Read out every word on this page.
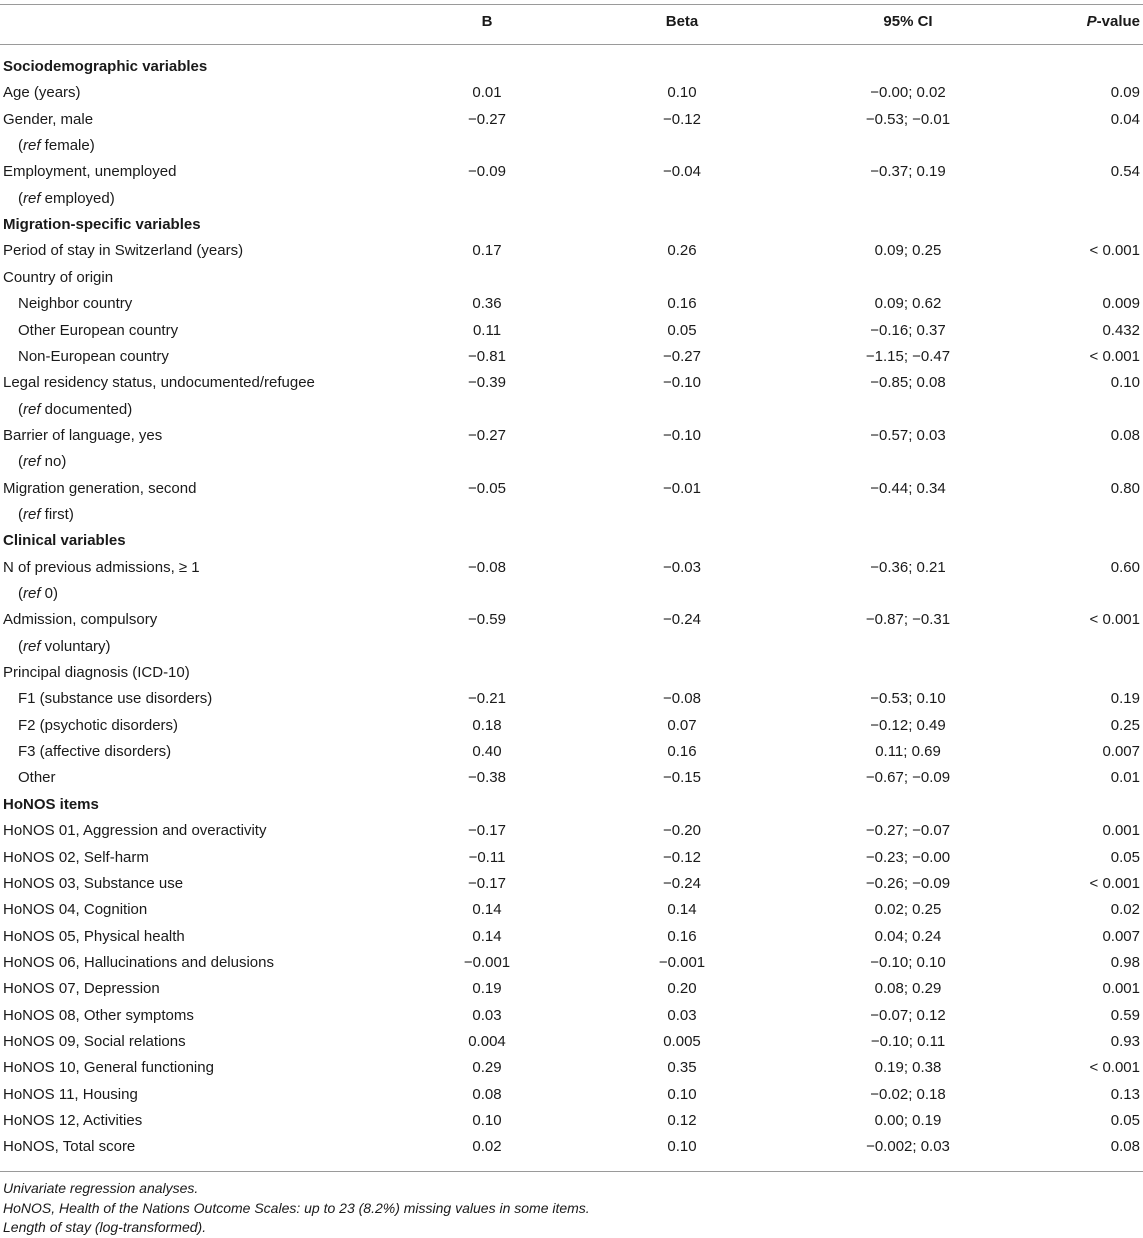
B	Beta	95% CI	P-value
Sociodemographic variables
Age (years)	0.01	0.10	−0.00; 0.02	0.09
Gender, male	−0.27	−0.12	−0.53; −0.01	0.04
(ref female)
Employment, unemployed	−0.09	−0.04	−0.37; 0.19	0.54
(ref employed)
Migration-specific variables
Period of stay in Switzerland (years)	0.17	0.26	0.09; 0.25	< 0.001
Country of origin
Neighbor country	0.36	0.16	0.09; 0.62	0.009
Other European country	0.11	0.05	−0.16; 0.37	0.432
Non-European country	−0.81	−0.27	−1.15; −0.47	< 0.001
Legal residency status, undocumented/refugee	−0.39	−0.10	−0.85; 0.08	0.10
(ref documented)
Barrier of language, yes	−0.27	−0.10	−0.57; 0.03	0.08
(ref no)
Migration generation, second	−0.05	−0.01	−0.44; 0.34	0.80
(ref first)
Clinical variables
N of previous admissions, ≥ 1	−0.08	−0.03	−0.36; 0.21	0.60
(ref 0)
Admission, compulsory	−0.59	−0.24	−0.87; −0.31	< 0.001
(ref voluntary)
Principal diagnosis (ICD-10)
F1 (substance use disorders)	−0.21	−0.08	−0.53; 0.10	0.19
F2 (psychotic disorders)	0.18	0.07	−0.12; 0.49	0.25
F3 (affective disorders)	0.40	0.16	0.11; 0.69	0.007
Other	−0.38	−0.15	−0.67; −0.09	0.01
HoNOS items
HoNOS 01, Aggression and overactivity	−0.17	−0.20	−0.27; −0.07	0.001
HoNOS 02, Self-harm	−0.11	−0.12	−0.23; −0.00	0.05
HoNOS 03, Substance use	−0.17	−0.24	−0.26; −0.09	< 0.001
HoNOS 04, Cognition	0.14	0.14	0.02; 0.25	0.02
HoNOS 05, Physical health	0.14	0.16	0.04; 0.24	0.007
HoNOS 06, Hallucinations and delusions	−0.001	−0.001	−0.10; 0.10	0.98
HoNOS 07, Depression	0.19	0.20	0.08; 0.29	0.001
HoNOS 08, Other symptoms	0.03	0.03	−0.07; 0.12	0.59
HoNOS 09, Social relations	0.004	0.005	−0.10; 0.11	0.93
HoNOS 10, General functioning	0.29	0.35	0.19; 0.38	< 0.001
HoNOS 11, Housing	0.08	0.10	−0.02; 0.18	0.13
HoNOS 12, Activities	0.10	0.12	0.00; 0.19	0.05
HoNOS, Total score	0.02	0.10	−0.002; 0.03	0.08
Univariate regression analyses.
HoNOS, Health of the Nations Outcome Scales: up to 23 (8.2%) missing values in some items.
Length of stay (log-transformed).
